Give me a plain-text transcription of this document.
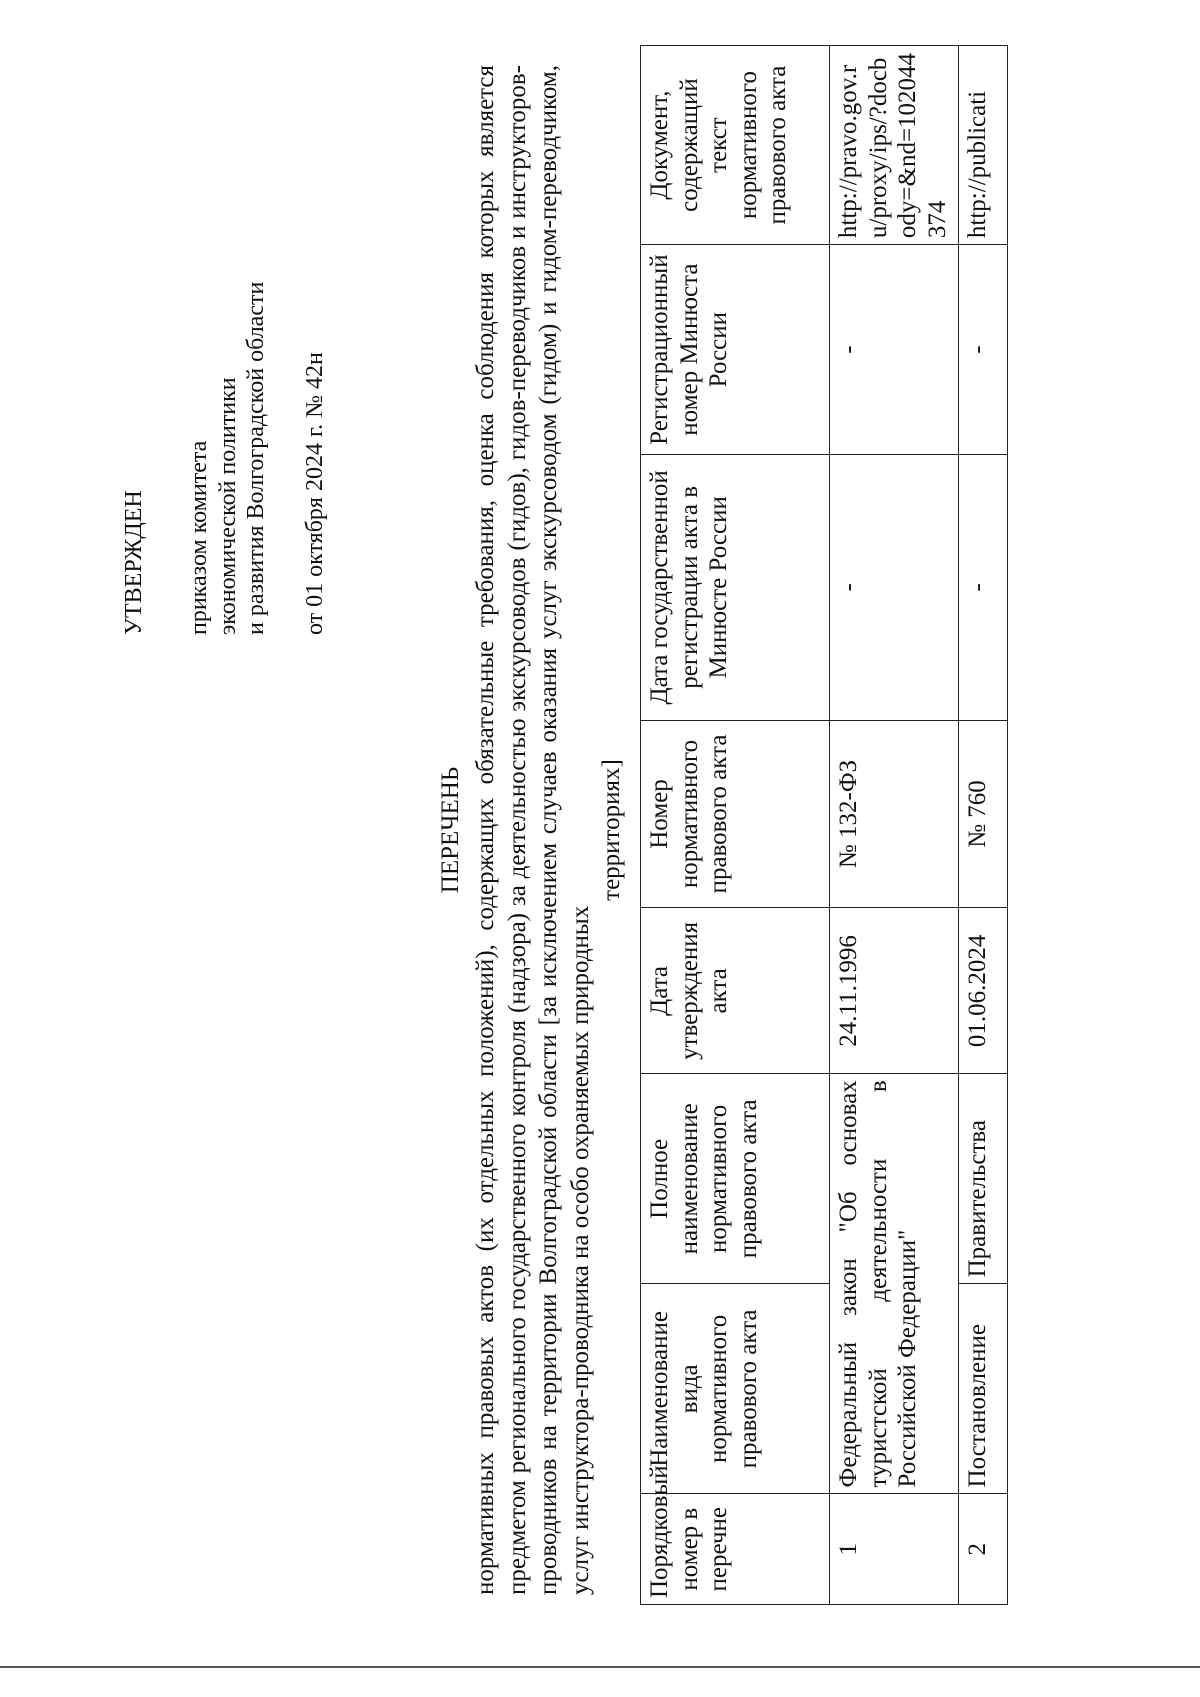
УТВЕРЖДЕН приказом комитета экономической политики и развития Волгоградской области от 01 октября 2024 г. № 42н

ПЕРЕЧЕНЬ нормативных правовых актов (их отдельных положений), содержащих обязательные требования, оценка соблюдения которых является предметом регионального государственного контроля (надзора) за деятельностью экскурсоводов (гидов), гидов-переводчиков и инструкторов-проводников на территории Волгоградской области [за исключением случаев оказания услуг экскурсоводом (гидом) и гидом-переводчиком, услуг инструктора-проводника на особо охраняемых природных
территориях]
Порядковый номер в перечне	Наименование вида нормативного правового акта	Полное наименование нормативного правового акта	Дата утверждения акта	Номер нормативного правового акта	Дата государственной регистрации акта в Минюсте России	Регистрационный номер Минюста России	Документ, содержащий текст нормативного правового акта
1	Федеральный закон "Об основах туристской деятельности в Российской Федерации"		24.11.1996	№ 132-ФЗ	-	-	http://pravo.gov.ru/proxy/ips/?docbody=&nd=102044374
2	Постановление	Правительства	01.06.2024	№ 760	-	-	http://publicati
